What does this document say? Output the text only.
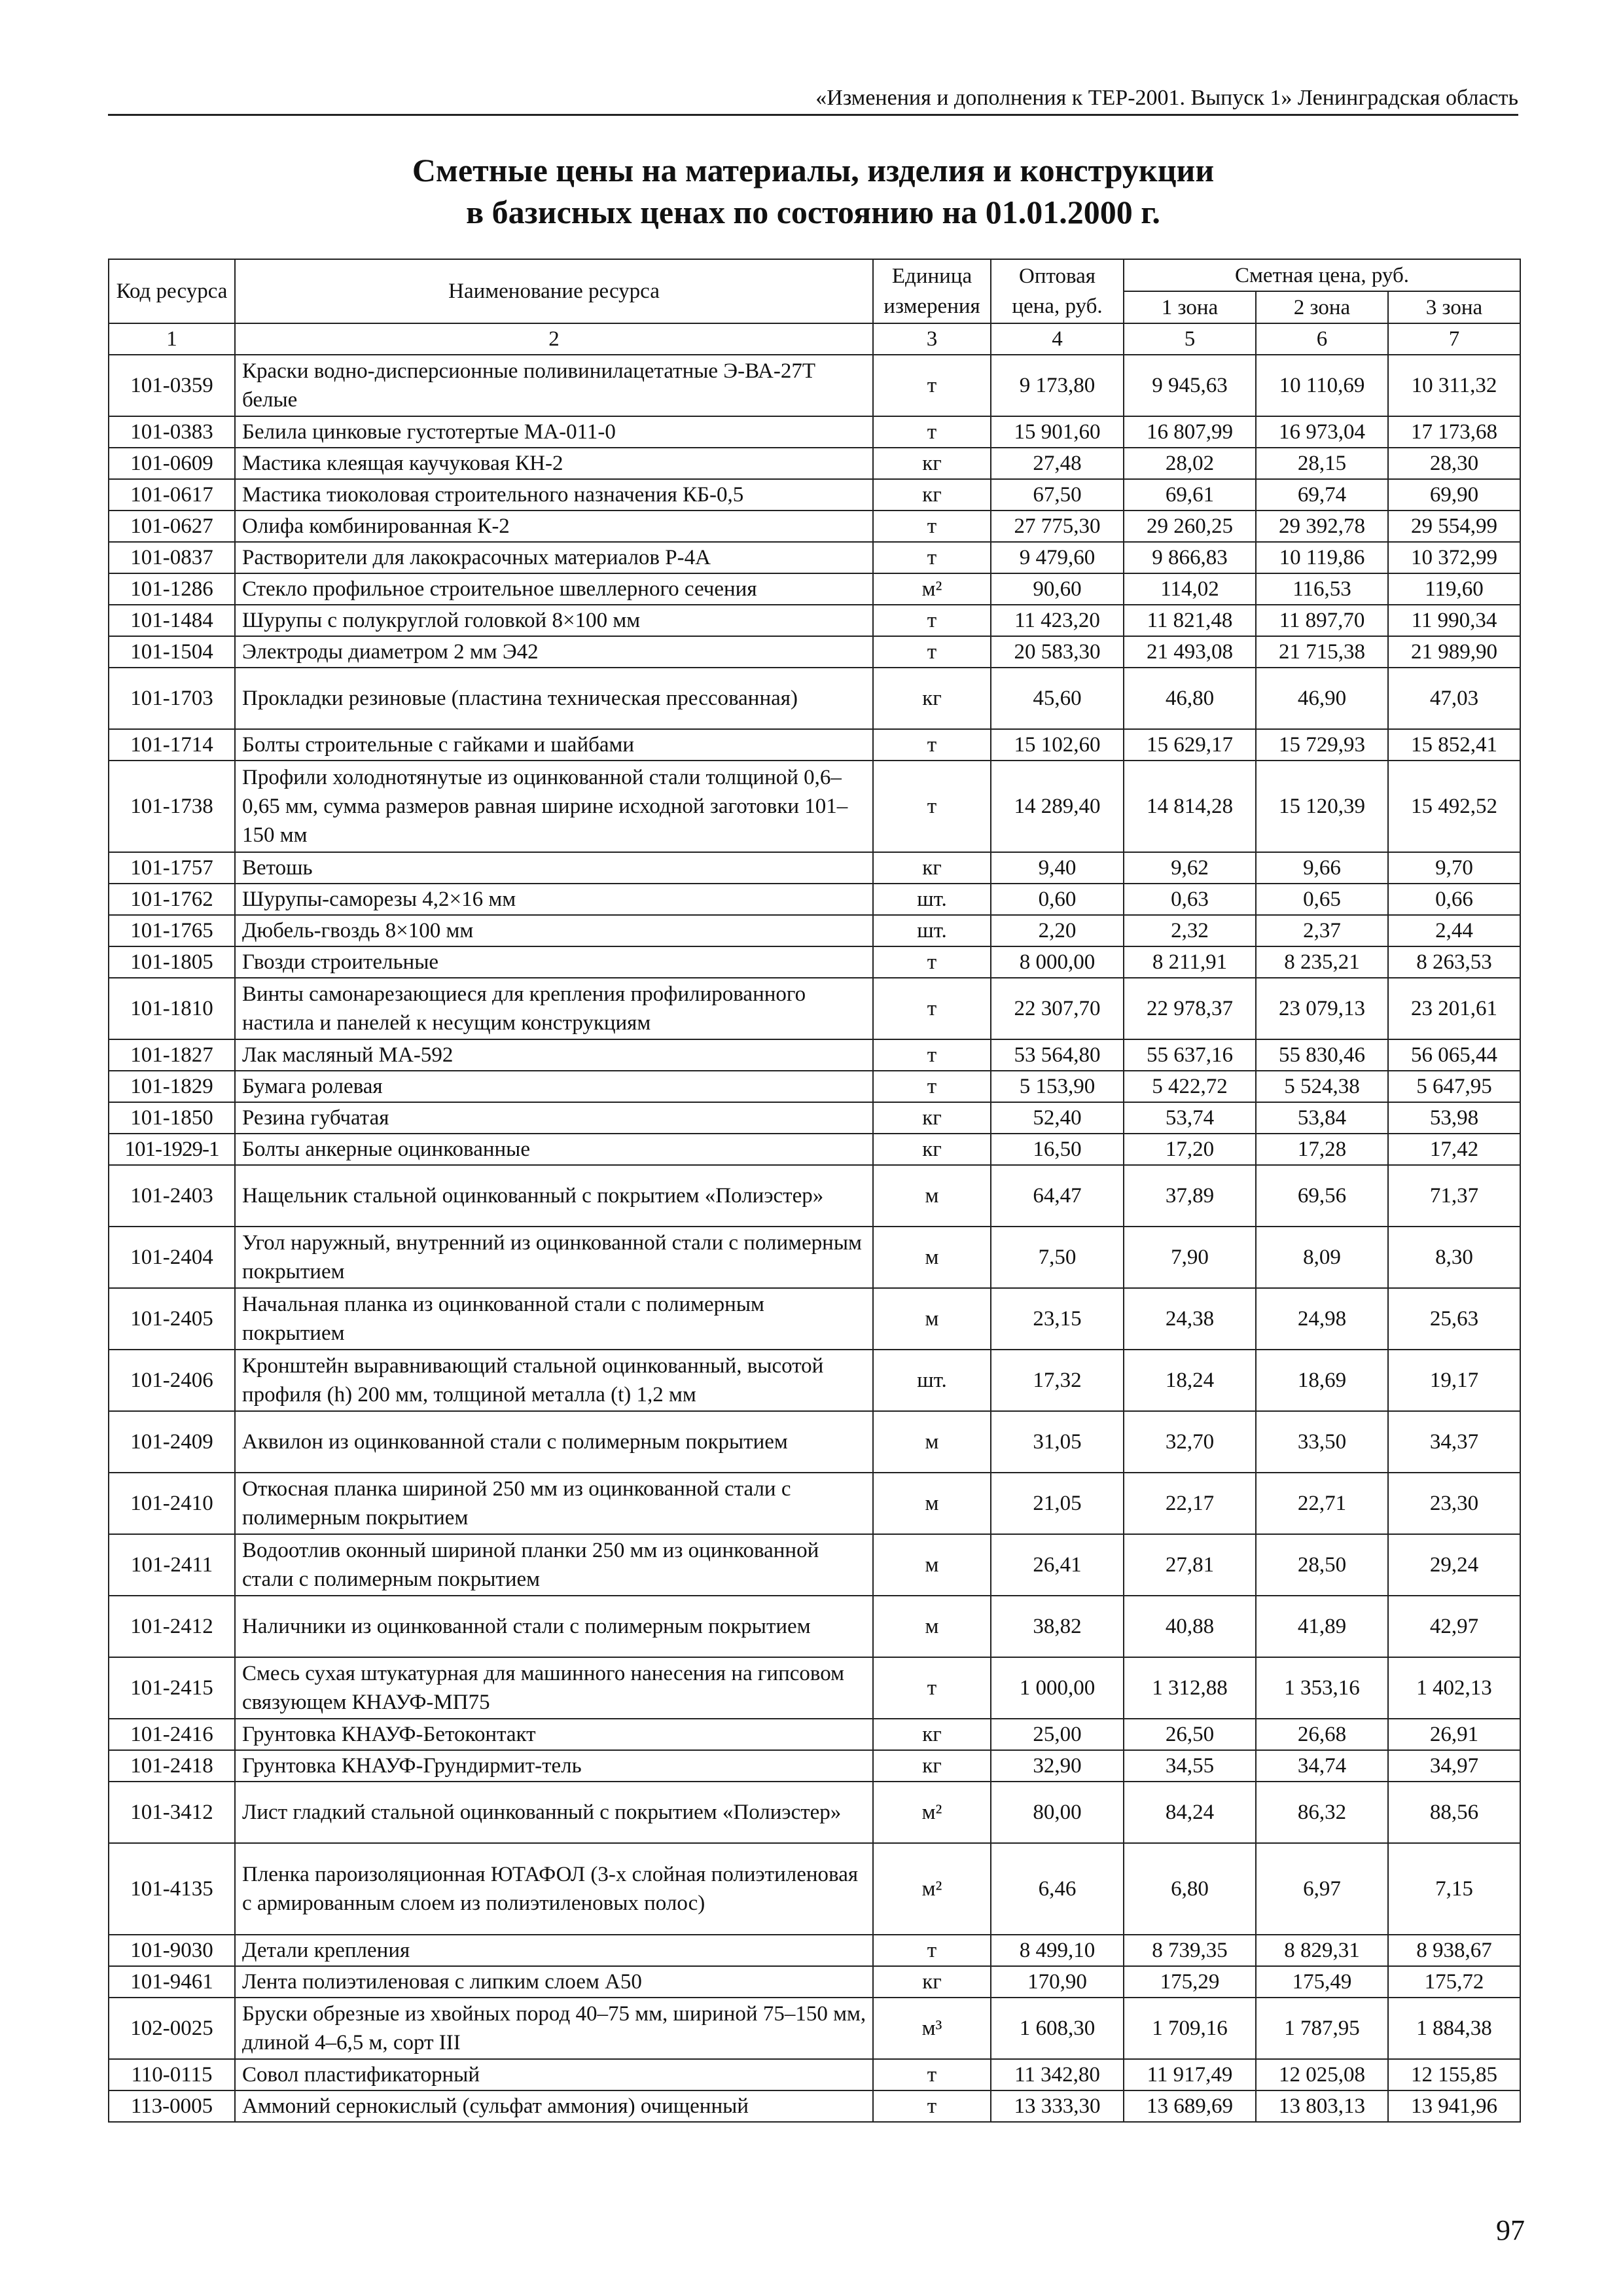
«Изменения и дополнения к ТЕР-2001. Выпуск 1» Ленинградская область
Сметные цены на материалы, изделия и конструкции
в базисных ценах по состоянию на 01.01.2000 г.
Код ресурса	Наименование ресурса	Единица измерения	Оптовая цена, руб.	Сметная цена, руб.		
				1 зона	2 зона	3 зона
1	2	3	4	5	6	7
101-0359	Краски водно-дисперсионные поливинилацетатные Э-ВА-27Т белые	т	9 173,80	9 945,63	10 110,69	10 311,32
101-0383	Белила цинковые густотертые МА-011-0	т	15 901,60	16 807,99	16 973,04	17 173,68
101-0609	Мастика клеящая каучуковая КН-2	кг	27,48	28,02	28,15	28,30
101-0617	Мастика тиоколовая строительного назначения КБ-0,5	кг	67,50	69,61	69,74	69,90
101-0627	Олифа комбинированная К-2	т	27 775,30	29 260,25	29 392,78	29 554,99
101-0837	Растворители для лакокрасочных материалов Р-4А	т	9 479,60	9 866,83	10 119,86	10 372,99
101-1286	Стекло профильное строительное швеллерного сечения	м²	90,60	114,02	116,53	119,60
101-1484	Шурупы с полукруглой головкой 8×100 мм	т	11 423,20	11 821,48	11 897,70	11 990,34
101-1504	Электроды диаметром 2 мм Э42	т	20 583,30	21 493,08	21 715,38	21 989,90
101-1703	Прокладки резиновые (пластина техническая прессованная)	кг	45,60	46,80	46,90	47,03
101-1714	Болты строительные с гайками и шайбами	т	15 102,60	15 629,17	15 729,93	15 852,41
101-1738	Профили холоднотянутые из оцинкованной стали толщиной 0,6–0,65 мм, сумма размеров равная ширине исходной заготовки 101–150 мм	т	14 289,40	14 814,28	15 120,39	15 492,52
101-1757	Ветошь	кг	9,40	9,62	9,66	9,70
101-1762	Шурупы-саморезы 4,2×16 мм	шт.	0,60	0,63	0,65	0,66
101-1765	Дюбель-гвоздь 8×100 мм	шт.	2,20	2,32	2,37	2,44
101-1805	Гвозди строительные	т	8 000,00	8 211,91	8 235,21	8 263,53
101-1810	Винты самонарезающиеся для крепления профилированного настила и панелей к несущим конструкциям	т	22 307,70	22 978,37	23 079,13	23 201,61
101-1827	Лак масляный МА-592	т	53 564,80	55 637,16	55 830,46	56 065,44
101-1829	Бумага ролевая	т	5 153,90	5 422,72	5 524,38	5 647,95
101-1850	Резина губчатая	кг	52,40	53,74	53,84	53,98
101-1929-1	Болты анкерные оцинкованные	кг	16,50	17,20	17,28	17,42
101-2403	Нащельник стальной оцинкованный с покрытием «Полиэстер»	м	64,47	37,89	69,56	71,37
101-2404	Угол наружный, внутренний из оцинкованной стали с полимерным покрытием	м	7,50	7,90	8,09	8,30
101-2405	Начальная планка из оцинкованной стали с полимерным покрытием	м	23,15	24,38	24,98	25,63
101-2406	Кронштейн выравнивающий стальной оцинкованный, высотой профиля (h) 200 мм, толщиной металла (t) 1,2 мм	шт.	17,32	18,24	18,69	19,17
101-2409	Аквилон из оцинкованной стали с полимерным покрытием	м	31,05	32,70	33,50	34,37
101-2410	Откосная планка шириной 250 мм из оцинкованной стали с полимерным покрытием	м	21,05	22,17	22,71	23,30
101-2411	Водоотлив оконный шириной планки 250 мм из оцинкованной стали с полимерным покрытием	м	26,41	27,81	28,50	29,24
101-2412	Наличники из оцинкованной стали с полимерным покрытием	м	38,82	40,88	41,89	42,97
101-2415	Смесь сухая штукатурная для машинного нанесения на гипсовом связующем КНАУФ-МП75	т	1 000,00	1 312,88	1 353,16	1 402,13
101-2416	Грунтовка КНАУФ-Бетоконтакт	кг	25,00	26,50	26,68	26,91
101-2418	Грунтовка КНАУФ-Грундирмит-тель	кг	32,90	34,55	34,74	34,97
101-3412	Лист гладкий стальной оцинкованный с покрытием «Полиэстер»	м²	80,00	84,24	86,32	88,56
101-4135	Пленка пароизоляционная ЮТАФОЛ (3-х слойная полиэтиленовая с армированным слоем из полиэтиленовых полос)	м²	6,46	6,80	6,97	7,15
101-9030	Детали крепления	т	8 499,10	8 739,35	8 829,31	8 938,67
101-9461	Лента полиэтиленовая с липким слоем А50	кг	170,90	175,29	175,49	175,72
102-0025	Бруски обрезные из хвойных пород 40–75 мм, шириной 75–150 мм, длиной 4–6,5 м, сорт III	м³	1 608,30	1 709,16	1 787,95	1 884,38
110-0115	Совол пластификаторный	т	11 342,80	11 917,49	12 025,08	12 155,85
113-0005	Аммоний сернокислый (сульфат аммония) очищенный	т	13 333,30	13 689,69	13 803,13	13 941,96
97
